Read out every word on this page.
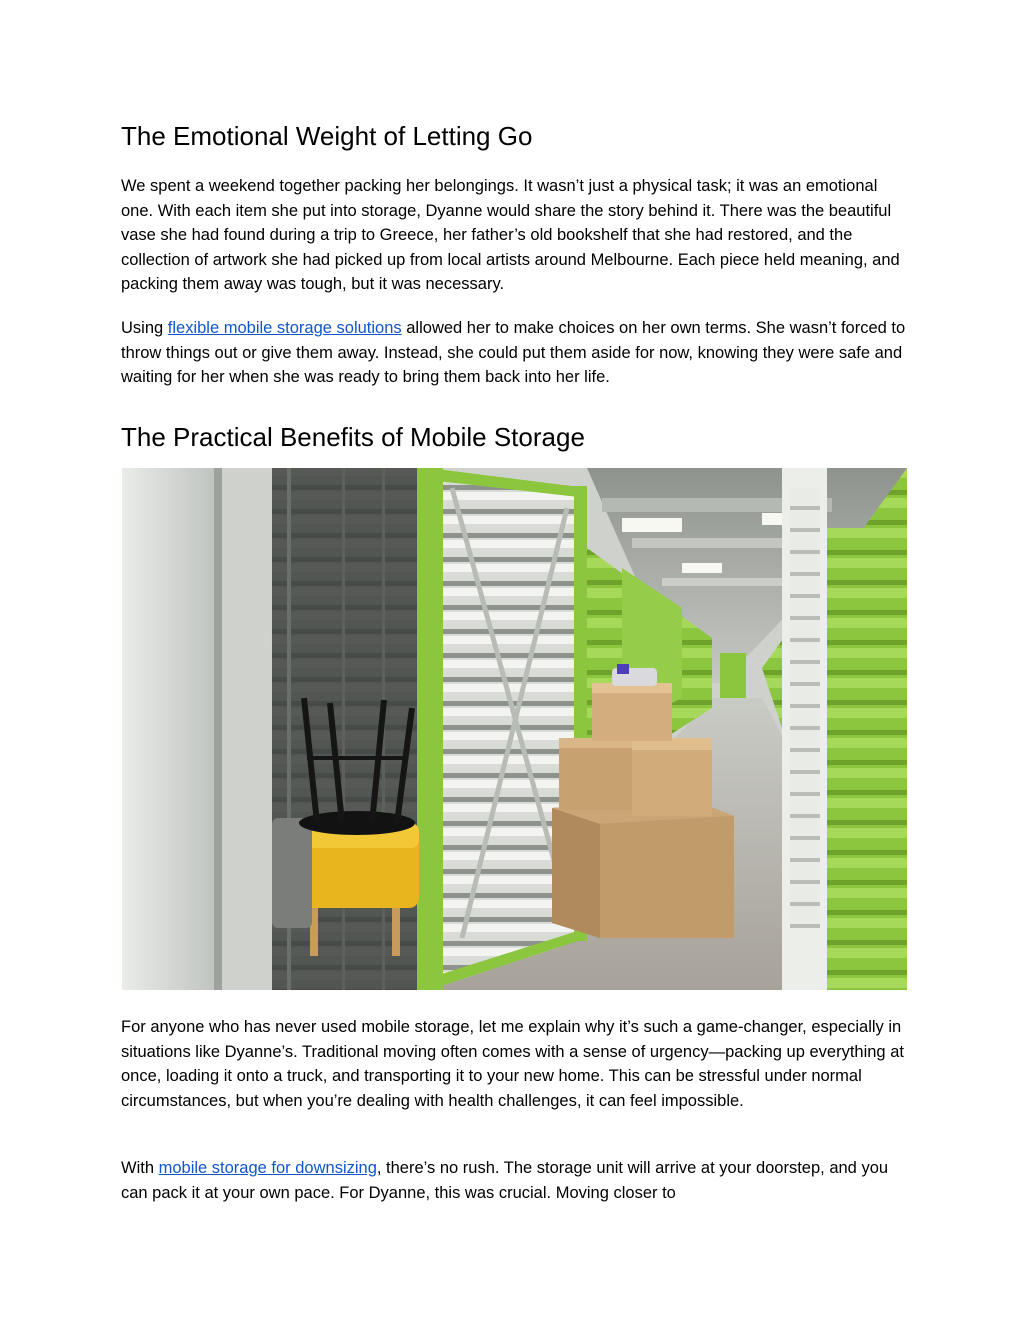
The Emotional Weight of Letting Go

We spent a weekend together packing her belongings. It wasn’t just a physical task; it was an emotional one. With each item she put into storage, Dyanne would share the story behind it. There was the beautiful vase she had found during a trip to Greece, her father’s old bookshelf that she had restored, and the collection of artwork she had picked up from local artists around Melbourne. Each piece held meaning, and packing them away was tough, but it was necessary.

Using flexible mobile storage solutions allowed her to make choices on her own terms. She wasn’t forced to throw things out or give them away. Instead, she could put them aside for now, knowing they were safe and waiting for her when she was ready to bring them back into her life.

The Practical Benefits of Mobile Storage

For anyone who has never used mobile storage, let me explain why it’s such a game-changer, especially in situations like Dyanne’s. Traditional moving often comes with a sense of urgency—packing up everything at once, loading it onto a truck, and transporting it to your new home. This can be stressful under normal circumstances, but when you’re dealing with health challenges, it can feel impossible.

With mobile storage for downsizing, there’s no rush. The storage unit will arrive at your doorstep, and you can pack it at your own pace. For Dyanne, this was crucial. Moving closer to
